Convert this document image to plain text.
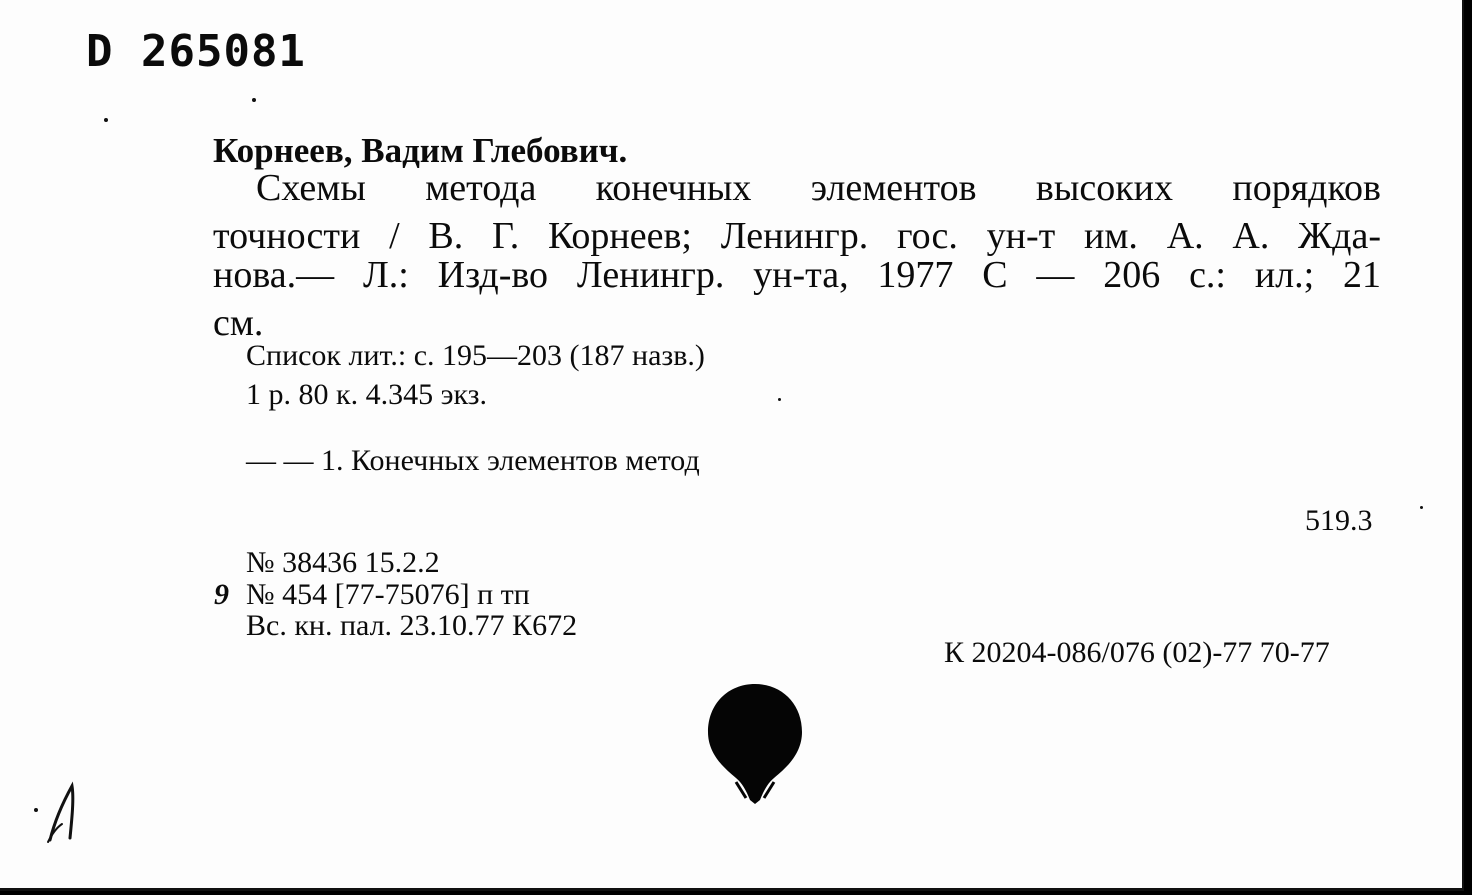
D 265081
Корнеев, Вадим Глебович.
Схемы метода конечных элементов высоких порядков
точности / В. Г. Корнеев; Ленингр. гос. ун-т им. А. А. Жда-
нова.— Л.: Изд-во Ленингр. ун-та, 1977 С — 206 с.: ил.; 21
см.
Список лит.: с. 195—203 (187 назв.)
1 р. 80 к. 4.345 экз.
— — 1. Конечных элементов метод
519.3
№ 38436 15.2.2
9 № 454 [77-75076] п тп
Вс. кн. пал. 23.10.77 К672
К 20204-086/076 (02)-77 70-77
